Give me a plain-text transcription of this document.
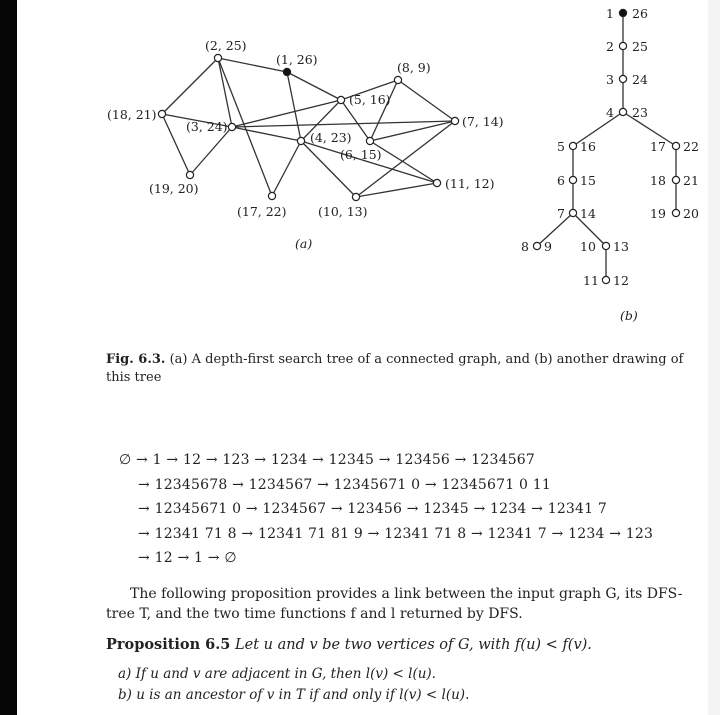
(1, 26)
(2, 25)
(3, 24)
(4, 23)
(5, 16)
(6, 15)
(7, 14)
(8, 9)
(10, 13)
(11, 12)
(17, 22)
(18, 21)
(19, 20)
(a)
1 26
2 25
3 24
4 23
5 16
6 15
7 14
8 9 10 13
11 12
17 22
18 21
19 20
(b)
Fig. 6.3. (a) A depth-first search tree of a connected graph, and (b) another drawing of this tree
∅ → 1 → 12 → 123 → 1234 → 12345 → 123456 → 1234567
→ 12345678 → 1234567 → 12345671 0 → 12345671 0 11
→ 12345671 0 → 1234567 → 123456 → 12345 → 1234 → 12341 7
→ 12341 71 8 → 12341 71 81 9 → 12341 71 8 → 12341 7 → 1234 → 123
→ 12 → 1 → ∅
The following proposition provides a link between the input graph G, its DFS-tree T, and the two time functions f and l returned by DFS.
Proposition 6.5 Let u and v be two vertices of G, with f(u) < f(v).
a) If u and v are adjacent in G, then l(v) < l(u).
b) u is an ancestor of v in T if and only if l(v) < l(u).
